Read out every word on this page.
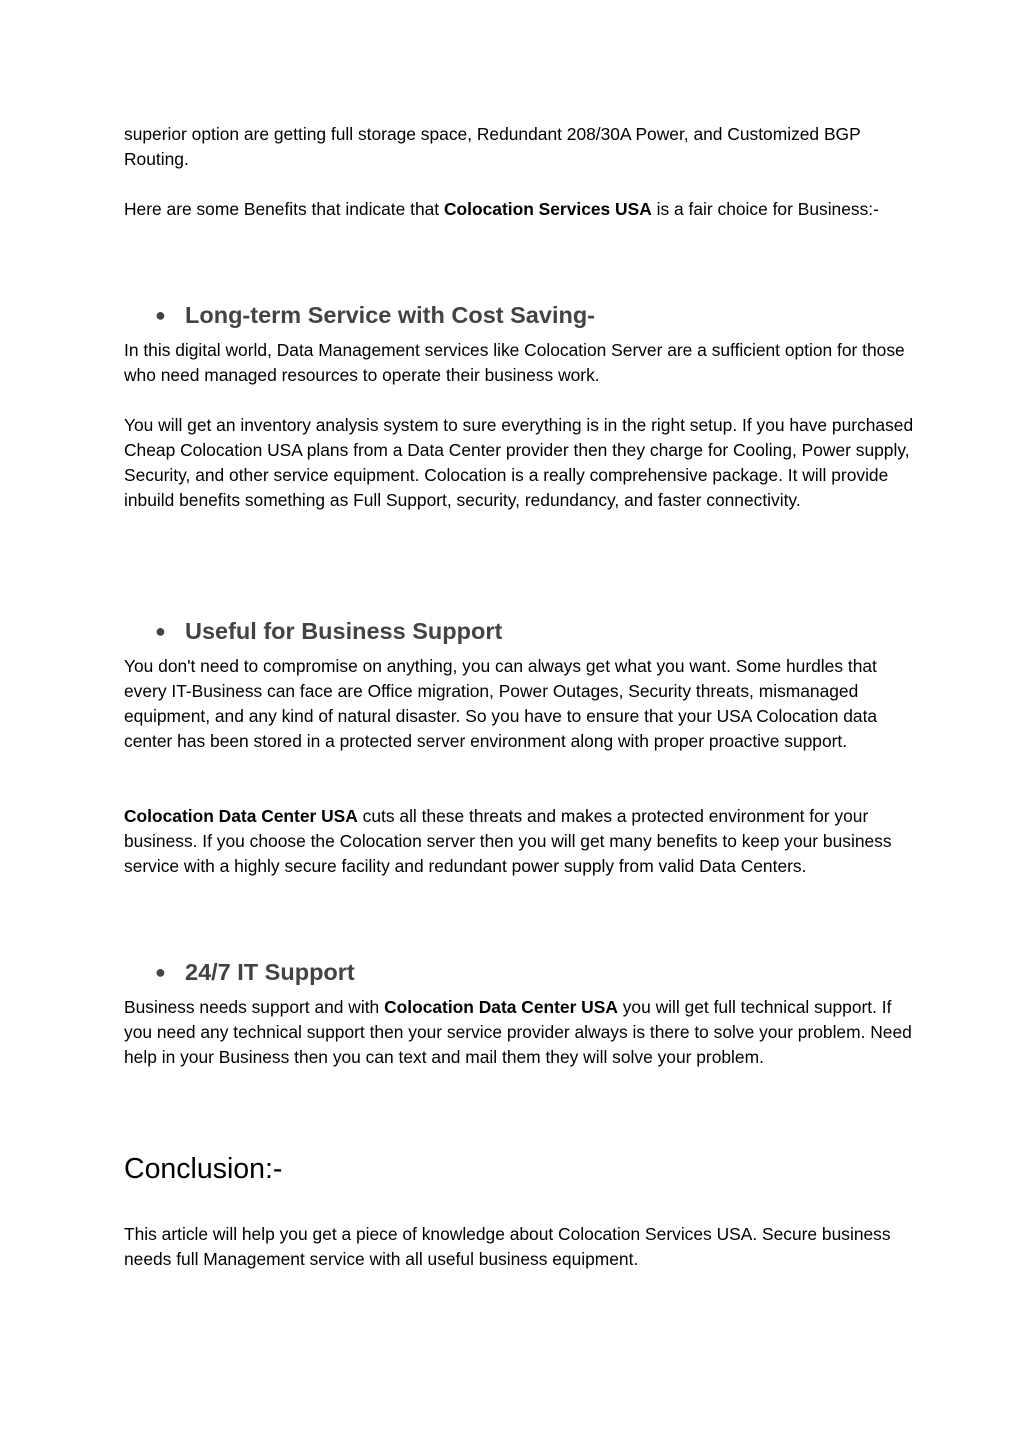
superior option are getting full storage space, Redundant 208/30A Power, and Customized BGP Routing.

Here are some Benefits that indicate that Colocation Services USA is a fair choice for Business:-

● Long-term Service with Cost Saving-

In this digital world, Data Management services like Colocation Server are a sufficient option for those who need managed resources to operate their business work.

You will get an inventory analysis system to sure everything is in the right setup. If you have purchased Cheap Colocation USA plans from a Data Center provider then they charge for Cooling, Power supply, Security, and other service equipment. Colocation is a really comprehensive package. It will provide inbuild benefits something as Full Support, security, redundancy, and faster connectivity.

● Useful for Business Support

You don't need to compromise on anything, you can always get what you want. Some hurdles that every IT-Business can face are Office migration, Power Outages, Security threats, mismanaged equipment, and any kind of natural disaster. So you have to ensure that your USA Colocation data center has been stored in a protected server environment along with proper proactive support.

Colocation Data Center USA cuts all these threats and makes a protected environment for your business. If you choose the Colocation server then you will get many benefits to keep your business service with a highly secure facility and redundant power supply from valid Data Centers.

● 24/7 IT Support

Business needs support and with Colocation Data Center USA you will get full technical support. If you need any technical support then your service provider always is there to solve your problem. Need help in your Business then you can text and mail them they will solve your problem.

Conclusion:-

This article will help you get a piece of knowledge about Colocation Services USA. Secure business needs full Management service with all useful business equipment.
